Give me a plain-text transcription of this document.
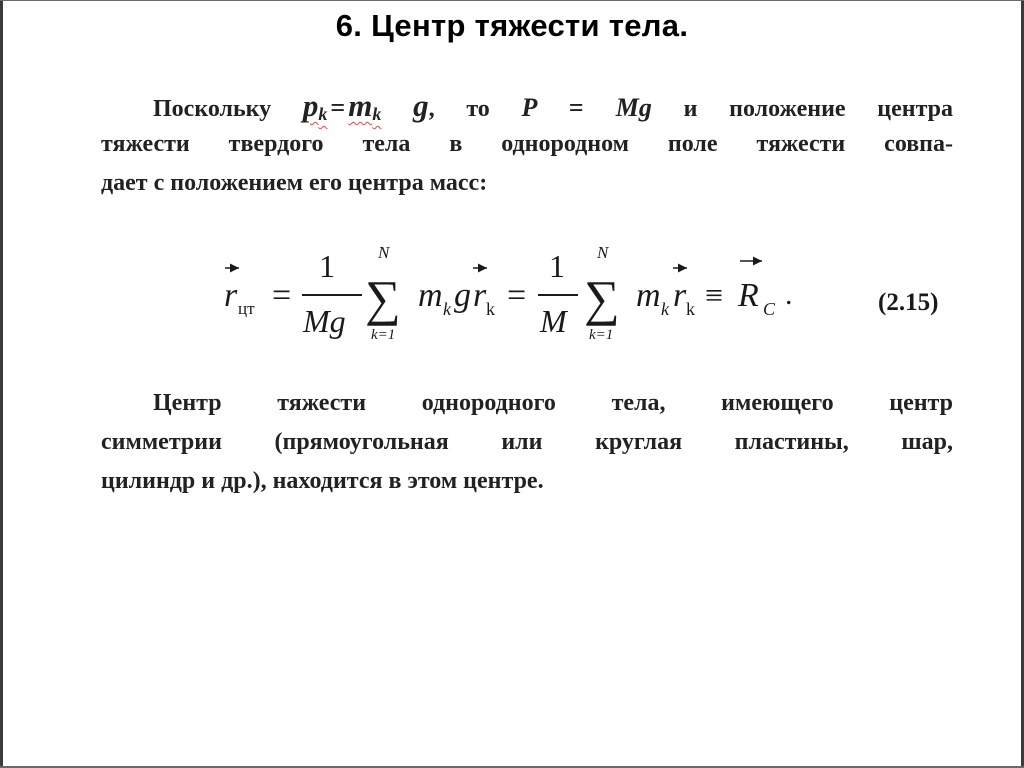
6. Центр тяжести тела.
Поскольку pk =mk g, то P = Mg и положение центра
тяжести твердого тела в однородном поле тяжести совпа-
дает с положением его центра масс:
r цт =
1
Mg
N
∑
k=1
m k g r k =
1
M
N
∑
k=1
m k r k ≡ R C .	(2.15)
Центр тяжести однородного тела, имеющего центр
симметрии (прямоугольная или круглая пластины, шар,
цилиндр и др.), находится в этом центре.
